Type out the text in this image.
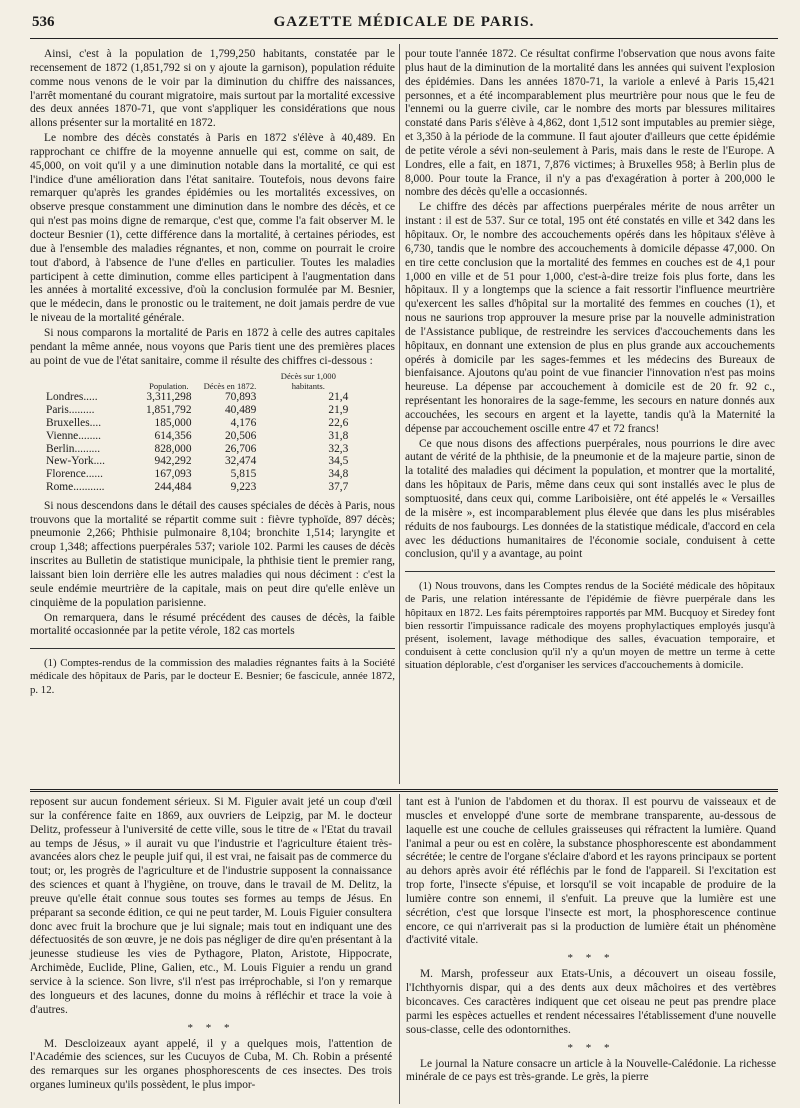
536	GAZETTE MÉDICALE DE PARIS.

Ainsi, c'est à la population de 1,799,250 habitants, constatée par le recensement de 1872 (1,851,792 si on y ajoute la garnison), population réduite comme nous venons de le voir par la diminution du chiffre des naissances, l'arrêt momentané du courant migratoire, mais surtout par la mortalité excessive des deux années 1870-71, que vont s'appliquer les considérations que nous allons présenter sur la mortalité en 1872.

Le nombre des décès constatés à Paris en 1872 s'élève à 40,489. En rapprochant ce chiffre de la moyenne annuelle qui est, comme on sait, de 45,000, on voit qu'il y a une diminution notable dans la mortalité, ce qui est l'indice d'une amélioration dans l'état sanitaire. Toutefois, nous devons faire remarquer qu'après les grandes épidémies ou les mortalités excessives, on observe presque constamment une diminution dans le nombre des décès, et ce qui n'est pas moins digne de remarque, c'est que, comme l'a fait observer M. le docteur Besnier (1), cette différence dans la mortalité, à certaines périodes, est due à l'ensemble des maladies régnantes, et non, comme on pourrait le croire tout d'abord, à l'absence de l'une d'elles en particulier. Toutes les maladies participent à cette diminution, comme elles participent à l'augmentation dans les années à mortalité excessive, d'où la conclusion formulée par M. Besnier, que le médecin, dans le pronostic ou le traitement, ne doit jamais perdre de vue le niveau de la mortalité générale.

Si nous comparons la mortalité de Paris en 1872 à celle des autres capitales pendant la même année, nous voyons que Paris tient une des premières places au point de vue de l'état sanitaire, comme il résulte des chiffres ci-dessous :

	Population.	Décès en 1872.	Décès sur 1,000 habitants.
Londres.....	3,311,298	70,893	21,4
Paris.........	1,851,792	40,489	21,9
Bruxelles....	185,000	4,176	22,6
Vienne........	614,356	20,506	31,8
Berlin.........	828,000	26,706	32,3
New-York....	942,292	32,474	34,5
Florence......	167,093	5,815	34,8
Rome...........	244,484	9,223	37,7

Si nous descendons dans le détail des causes spéciales de décès à Paris, nous trouvons que la mortalité se répartit comme suit : fièvre typhoïde, 897 décès; pneumonie 2,266; Phthisie pulmonaire 8,104; bronchite 1,514; laryngite et croup 1,348; affections puerpérales 537; variole 102. Parmi les causes de décès inscrites au Bulletin de statistique municipale, la phthisie tient le premier rang, laissant bien loin derrière elle les autres maladies qui nous déciment : c'est la seule endémie meurtrière de la capitale, mais on peut dire qu'elle enlève un cinquième de la population parisienne.

On remarquera, dans le résumé précédent des causes de décès, la faible mortalité occasionnée par la petite vérole, 182 cas mortels

(1) Comptes-rendus de la commission des maladies régnantes faits à la Société médicale des hôpitaux de Paris, par le docteur E. Besnier; 6e fascicule, année 1872, p. 12.

pour toute l'année 1872. Ce résultat confirme l'observation que nous avons faite plus haut de la diminution de la mortalité dans les années qui suivent l'explosion des épidémies. Dans les années 1870-71, la variole a enlevé à Paris 15,421 personnes, et a été incomparablement plus meurtrière pour nous que le feu de l'ennemi ou la guerre civile, car le nombre des morts par blessures militaires constaté dans Paris s'élève à 4,862, dont 1,512 sont imputables au premier siège, et 3,350 à la période de la commune. Il faut ajouter d'ailleurs que cette épidémie de petite vérole a sévi non-seulement à Paris, mais dans le reste de l'Europe. A Londres, elle a fait, en 1871, 7,876 victimes; à Bruxelles 958; à Berlin plus de 8,000. Pour toute la France, il n'y a pas d'exagération à porter à 200,000 le nombre des décès qu'elle a occasionnés.

Le chiffre des décès par affections puerpérales mérite de nous arrêter un instant : il est de 537. Sur ce total, 195 ont été constatés en ville et 342 dans les hôpitaux. Or, le nombre des accouchements opérés dans les hôpitaux s'élève à 6,730, tandis que le nombre des accouchements à domicile dépasse 47,000. On en tire cette conclusion que la mortalité des femmes en couches est de 4,1 pour 1,000 en ville et de 51 pour 1,000, c'est-à-dire treize fois plus forte, dans les hôpitaux. Il y a longtemps que la science a fait ressortir l'influence meurtrière qu'exercent les salles d'hôpital sur la mortalité des femmes en couches (1), et nous ne saurions trop approuver la mesure prise par la nouvelle administration de l'Assistance publique, de restreindre les services d'accouchements dans les hôpitaux, en donnant une extension de plus en plus grande aux accouchements opérés à domicile par les sages-femmes et les médecins des Bureaux de bienfaisance. Ajoutons qu'au point de vue financier l'innovation n'est pas moins heureuse. La dépense par accouchement à domicile est de 20 fr. 92 c., représentant les honoraires de la sage-femme, les secours en nature donnés aux accouchées, les secours en argent et la layette, tandis qu'à la Maternité la dépense par accouchement oscille entre 47 et 72 francs!

Ce que nous disons des affections puerpérales, nous pourrions le dire avec autant de vérité de la phthisie, de la pneumonie et de la majeure partie, sinon de la totalité des maladies qui déciment la population, et montrer que la mortalité, dans les hôpitaux de Paris, même dans ceux qui sont installés avec le plus de somptuosité, dans ceux qui, comme Lariboisière, ont été appelés le « Versailles de la misère », est incomparablement plus élevée que dans les plus misérables réduits de nos faubourgs. Les données de la statistique médicale, d'accord en cela avec les déductions humanitaires de l'économie sociale, conduisent à cette conclusion, qu'il y a avantage, au point

(1) Nous trouvons, dans les Comptes rendus de la Société médicale des hôpitaux de Paris, une relation intéressante de l'épidémie de fièvre puerpérale dans les hôpitaux en 1872. Les faits péremptoires rapportés par MM. Bucquoy et Siredey font bien ressortir l'impuissance radicale des moyens prophylactiques employés jusqu'à présent, isolement, lavage méthodique des salles, évacuation temporaire, et conduisent à cette conclusion qu'il n'y a qu'un moyen de mettre un terme à cette situation déplorable, c'est d'organiser les services d'accouchements à domicile.

reposent sur aucun fondement sérieux. Si M. Figuier avait jeté un coup d'œil sur la conférence faite en 1869, aux ouvriers de Leipzig, par M. le docteur Delitz, professeur à l'université de cette ville, sous le titre de « l'Etat du travail au temps de Jésus, » il aurait vu que l'industrie et l'agriculture étaient très-avancées alors chez le peuple juif qui, il est vrai, ne faisait pas de commerce du tout; or, les progrès de l'agriculture et de l'industrie supposent la connaissance des sciences et quant à l'hygiène, on trouve, dans le travail de M. Delitz, la preuve qu'elle était connue sous toutes ses formes au temps de Jésus. En préparant sa seconde édition, ce qui ne peut tarder, M. Louis Figuier consultera donc avec fruit la brochure que je lui signale; mais tout en indiquant une des défectuosités de son œuvre, je ne dois pas négliger de dire qu'en présentant à la jeunesse studieuse les vies de Pythagore, Platon, Aristote, Hippocrate, Archimède, Euclide, Pline, Galien, etc., M. Louis Figuier a rendu un grand service à la science. Son livre, s'il n'est pas irréprochable, si l'on y remarque des longueurs et des lacunes, donne du moins à réfléchir et trace la voie à d'autres.

* * *

M. Descloizeaux ayant appelé, il y a quelques mois, l'attention de l'Académie des sciences, sur les Cucuyos de Cuba, M. Ch. Robin a présenté des remarques sur les organes phosphorescents de ces insectes. Des trois organes lumineux qu'ils possèdent, le plus impor-

tant est à l'union de l'abdomen et du thorax. Il est pourvu de vaisseaux et de muscles et enveloppé d'une sorte de membrane transparente, au-dessous de laquelle est une couche de cellules graisseuses qui réfractent la lumière. Quand l'animal a peur ou est en colère, la substance phosphorescente est abondamment sécrétée; le centre de l'organe s'éclaire d'abord et les rayons principaux se portent au dehors après avoir été réfléchis par le fond de l'appareil. Si l'excitation est trop forte, l'insecte s'épuise, et lorsqu'il se voit incapable de produire de la lumière contre son ennemi, il s'enfuit. La preuve que la lumière est une sécrétion, c'est que lorsque l'insecte est mort, la phosphorescence continue encore, ce qui n'arriverait pas si la production de lumière était un phénomène d'activité vitale.

* * *

M. Marsh, professeur aux Etats-Unis, a découvert un oiseau fossile, l'Ichthyornis dispar, qui a des dents aux deux mâchoires et des vertèbres biconcaves. Ces caractères indiquent que cet oiseau ne peut pas prendre place parmi les espèces actuelles et rendent nécessaires l'établissement d'une nouvelle sous-classe, celle des odontornithes.

* * *

Le journal la Nature consacre un article à la Nouvelle-Calédonie. La richesse minérale de ce pays est très-grande. Le grès, la pierre
